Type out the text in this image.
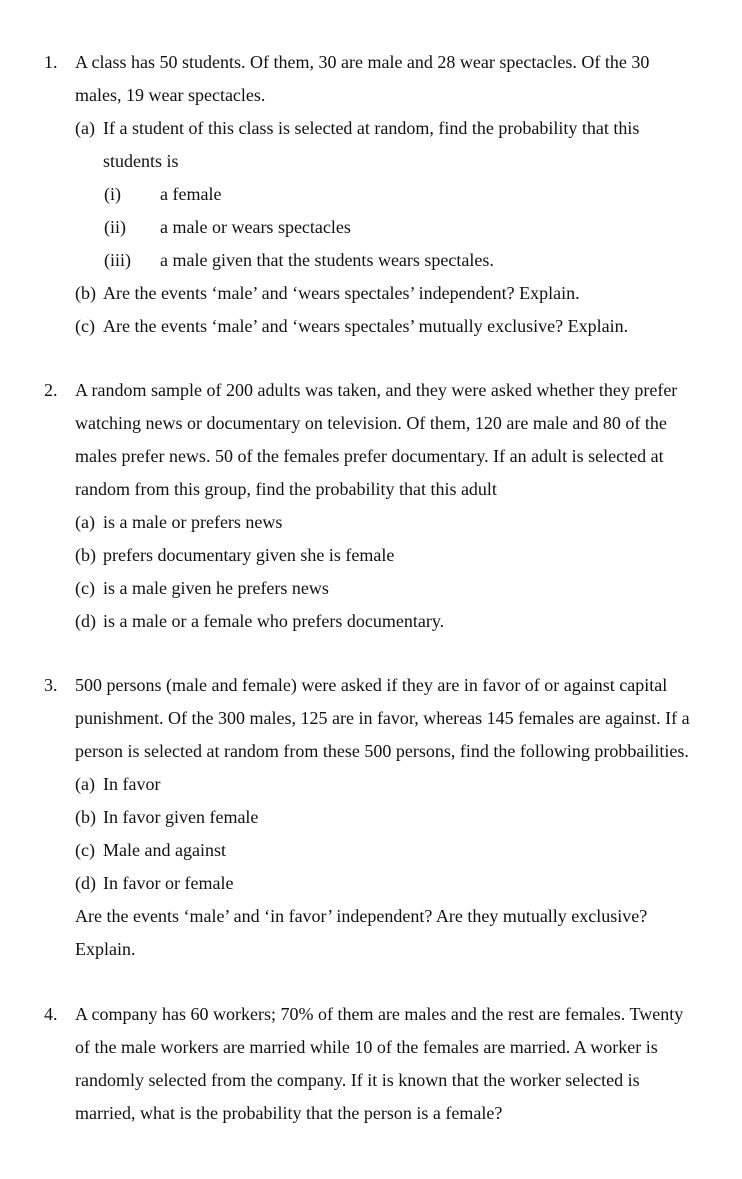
1. A class has 50 students. Of them, 30 are male and 28 wear spectacles. Of the 30
males, 19 wear spectacles.
(a) If a student of this class is selected at random, find the probability that this
students is
(i) a female
(ii) a male or wears spectacles
(iii) a male given that the students wears spectales.
(b) Are the events ‘male’ and ‘wears spectales’ independent? Explain.
(c) Are the events ‘male’ and ‘wears spectales’ mutually exclusive? Explain.
2. A random sample of 200 adults was taken, and they were asked whether they prefer
watching news or documentary on television. Of them, 120 are male and 80 of the
males prefer news. 50 of the females prefer documentary. If an adult is selected at
random from this group, find the probability that this adult
(a) is a male or prefers news
(b) prefers documentary given she is female
(c) is a male given he prefers news
(d) is a male or a female who prefers documentary.
3. 500 persons (male and female) were asked if they are in favor of or against capital
punishment. Of the 300 males, 125 are in favor, whereas 145 females are against. If a
person is selected at random from these 500 persons, find the following probbailities.
(a) In favor
(b) In favor given female
(c) Male and against
(d) In favor or female
Are the events ‘male’ and ‘in favor’ independent? Are they mutually exclusive?
Explain.
4. A company has 60 workers; 70% of them are males and the rest are females. Twenty
of the male workers are married while 10 of the females are married. A worker is
randomly selected from the company. If it is known that the worker selected is
married, what is the probability that the person is a female?
